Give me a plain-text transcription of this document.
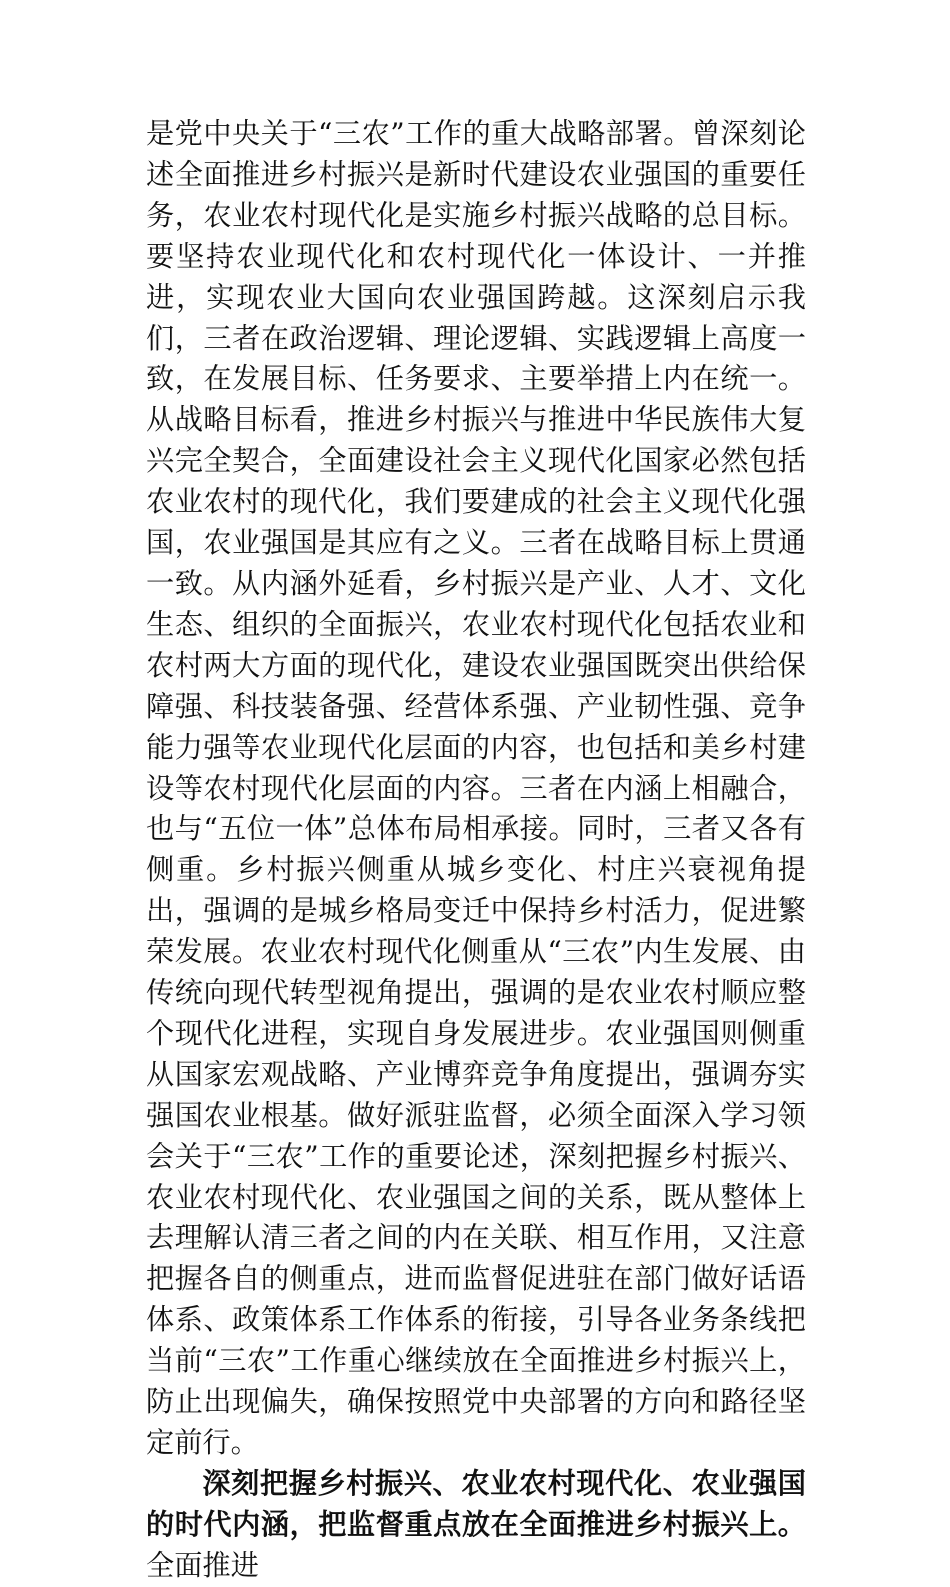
是党中央关于“三农”工作的重大战略部署。曾深刻论述全面推进乡村振兴是新时代建设农业强国的重要任务，农业农村现代化是实施乡村振兴战略的总目标。要坚持农业现代化和农村现代化一体设计、一并推进，实现农业大国向农业强国跨越。这深刻启示我们，三者在政治逻辑、理论逻辑、实践逻辑上高度一致，在发展目标、任务要求、主要举措上内在统一。从战略目标看，推进乡村振兴与推进中华民族伟大复兴完全契合，全面建设社会主义现代化国家必然包括农业农村的现代化，我们要建成的社会主义现代化强国，农业强国是其应有之义。三者在战略目标上贯通一致。从内涵外延看，乡村振兴是产业、人才、文化生态、组织的全面振兴，农业农村现代化包括农业和农村两大方面的现代化，建设农业强国既突出供给保障强、科技装备强、经营体系强、产业韧性强、竞争能力强等农业现代化层面的内容，也包括和美乡村建设等农村现代化层面的内容。三者在内涵上相融合，也与“五位一体”总体布局相承接。同时，三者又各有侧重。乡村振兴侧重从城乡变化、村庄兴衰视角提出，强调的是城乡格局变迁中保持乡村活力，促进繁荣发展。农业农村现代化侧重从“三农”内生发展、由传统向现代转型视角提出，强调的是农业农村顺应整个现代化进程，实现自身发展进步。农业强国则侧重从国家宏观战略、产业博弈竞争角度提出，强调夯实强国农业根基。做好派驻监督，必须全面深入学习领会关于“三农”工作的重要论述，深刻把握乡村振兴、农业农村现代化、农业强国之间的关系，既从整体上去理解认清三者之间的内在关联、相互作用，又注意把握各自的侧重点，进而监督促进驻在部门做好话语体系、政策体系工作体系的衔接，引导各业务条线把当前“三农”工作重心继续放在全面推进乡村振兴上，防止出现偏失，确保按照党中央部署的方向和路径坚定前行。

深刻把握乡村振兴、农业农村现代化、农业强国的时代内涵，把监督重点放在全面推进乡村振兴上。全面推进
